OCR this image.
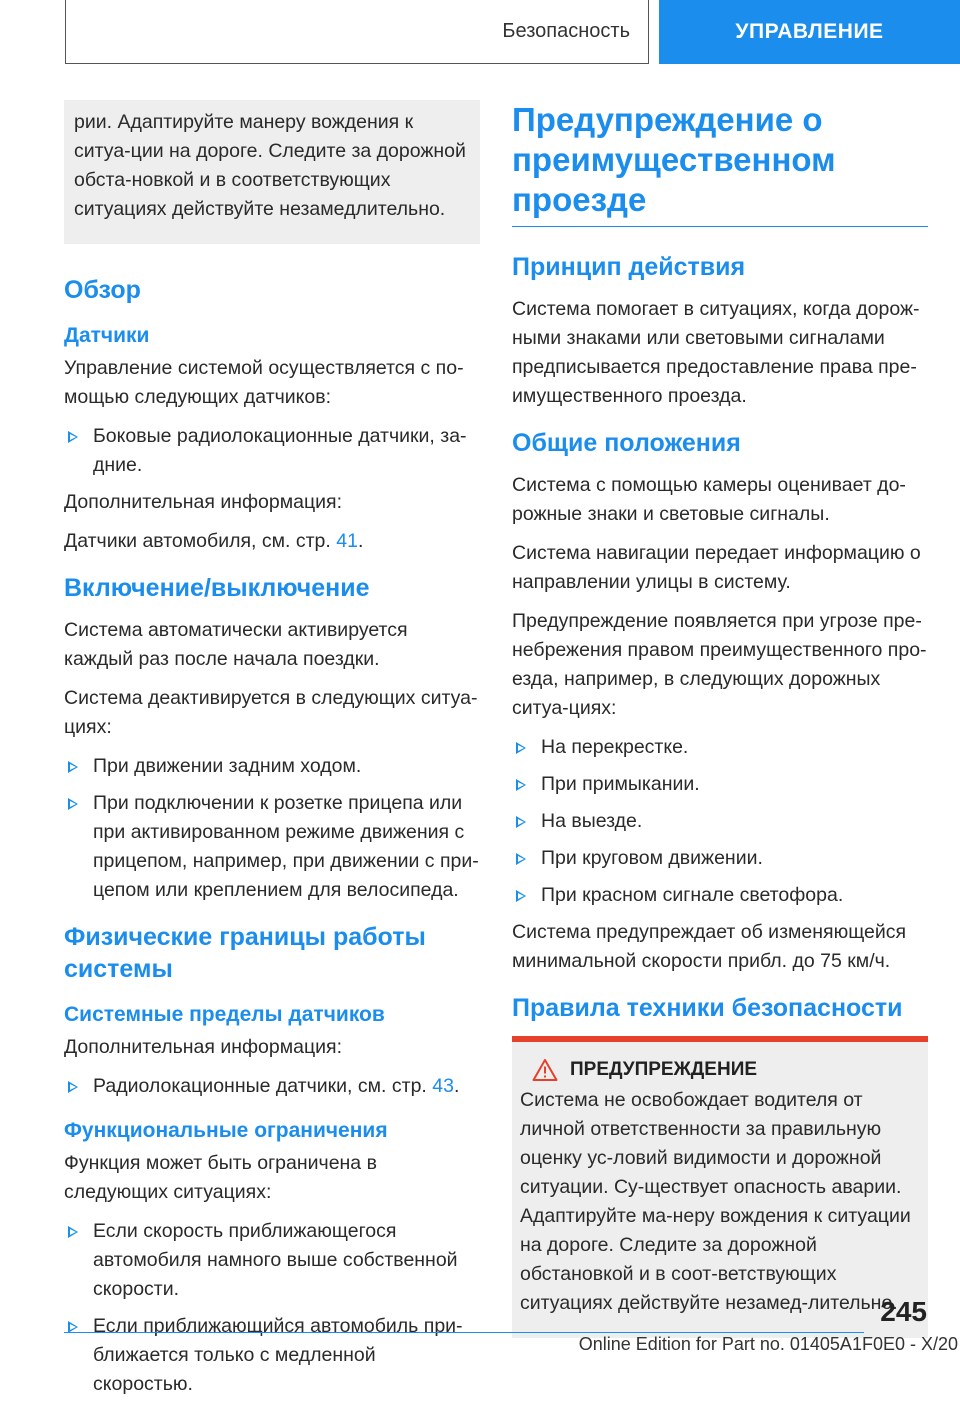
Безопасность	УПРАВЛЕНИЕ

рии. Адаптируйте манеру вождения к ситуа-ции на дороге. Следите за дорожной обста-новкой и в соответствующих ситуациях действуйте незамедлительно.

Обзор
Датчики

Управление системой осуществляется с по-мощью следующих датчиков:

Боковые радиолокационные датчики, за-дние.

Дополнительная информация:

Датчики автомобиля, см. стр. 41.

Включение/выключение

Система автоматически активируется каждый раз после начала поездки.

Система деактивируется в следующих ситуа-циях:

При движении задним ходом.
При подключении к розетке прицепа или при активированном режиме движения с прицепом, например, при движении с при-цепом или креплением для велосипеда.
Физические границы работы системы
Системные пределы датчиков

Дополнительная информация:

Радиолокационные датчики, см. стр. 43.
Функциональные ограничения

Функция может быть ограничена в следующих ситуациях:

Если скорость приближающегося автомобиля намного выше собственной скорости.
Если приближающийся автомобиль при-ближается только с медленной скоростью.
Предупреждение о преимущественном проезде
Принцип действия

Система помогает в ситуациях, когда дорож-ными знаками или световыми сигналами предписывается предоставление права пре-имущественного проезда.

Общие положения

Система с помощью камеры оценивает до-рожные знаки и световые сигналы.

Система навигации передает информацию о направлении улицы в систему.

Предупреждение появляется при угрозе пре-небрежения правом преимущественного про-езда, например, в следующих дорожных ситуа-циях:

На перекрестке.
При примыкании.
На выезде.
При круговом движении.
При красном сигнале светофора.

Система предупреждает об изменяющейся минимальной скорости прибл. до 75 км/ч.

Правила техники безопасности
ПРЕДУПРЕЖДЕНИЕ

Система не освобождает водителя от личной ответственности за правильную оценку ус-ловий видимости и дорожной ситуации. Су-ществует опасность аварии. Адаптируйте ма-неру вождения к ситуации на дороге. Следите за дорожной обстановкой и в соот-ветствующих ситуациях действуйте незамед-лительно.

245
Online Edition for Part no. 01405A1F0E0 - X/20
